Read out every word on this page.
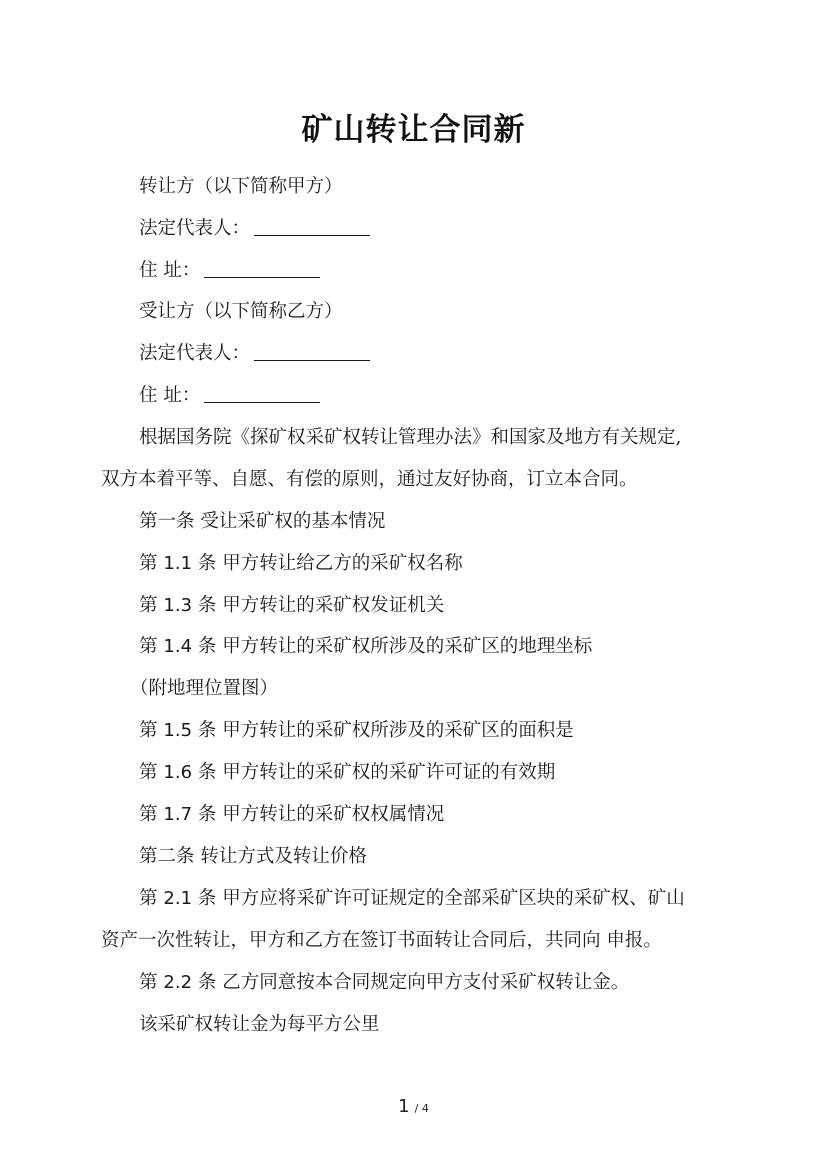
矿山转让合同新
转让方（以下简称甲方）
法定代表人：
住 址：
受让方（以下简称乙方）
法定代表人：
住 址：
根据国务院《探矿权采矿权转让管理办法》和国家及地方有关规定,
双方本着平等、自愿、有偿的原则，通过友好协商，订立本合同。
第一条 受让采矿权的基本情况
第 1.1 条 甲方转让给乙方的采矿权名称
第 1.3 条 甲方转让的采矿权发证机关
第 1.4 条 甲方转让的采矿权所涉及的采矿区的地理坐标
（附地理位置图）
第 1.5 条 甲方转让的采矿权所涉及的采矿区的面积是
第 1.6 条 甲方转让的采矿权的采矿许可证的有效期
第 1.7 条 甲方转让的采矿权权属情况
第二条 转让方式及转让价格
第 2.1 条 甲方应将采矿许可证规定的全部采矿区块的采矿权、矿山
资产一次性转让，甲方和乙方在签订书面转让合同后，共同向 申报。
第 2.2 条 乙方同意按本合同规定向甲方支付采矿权转让金。
该采矿权转让金为每平方公里
1 / 4
